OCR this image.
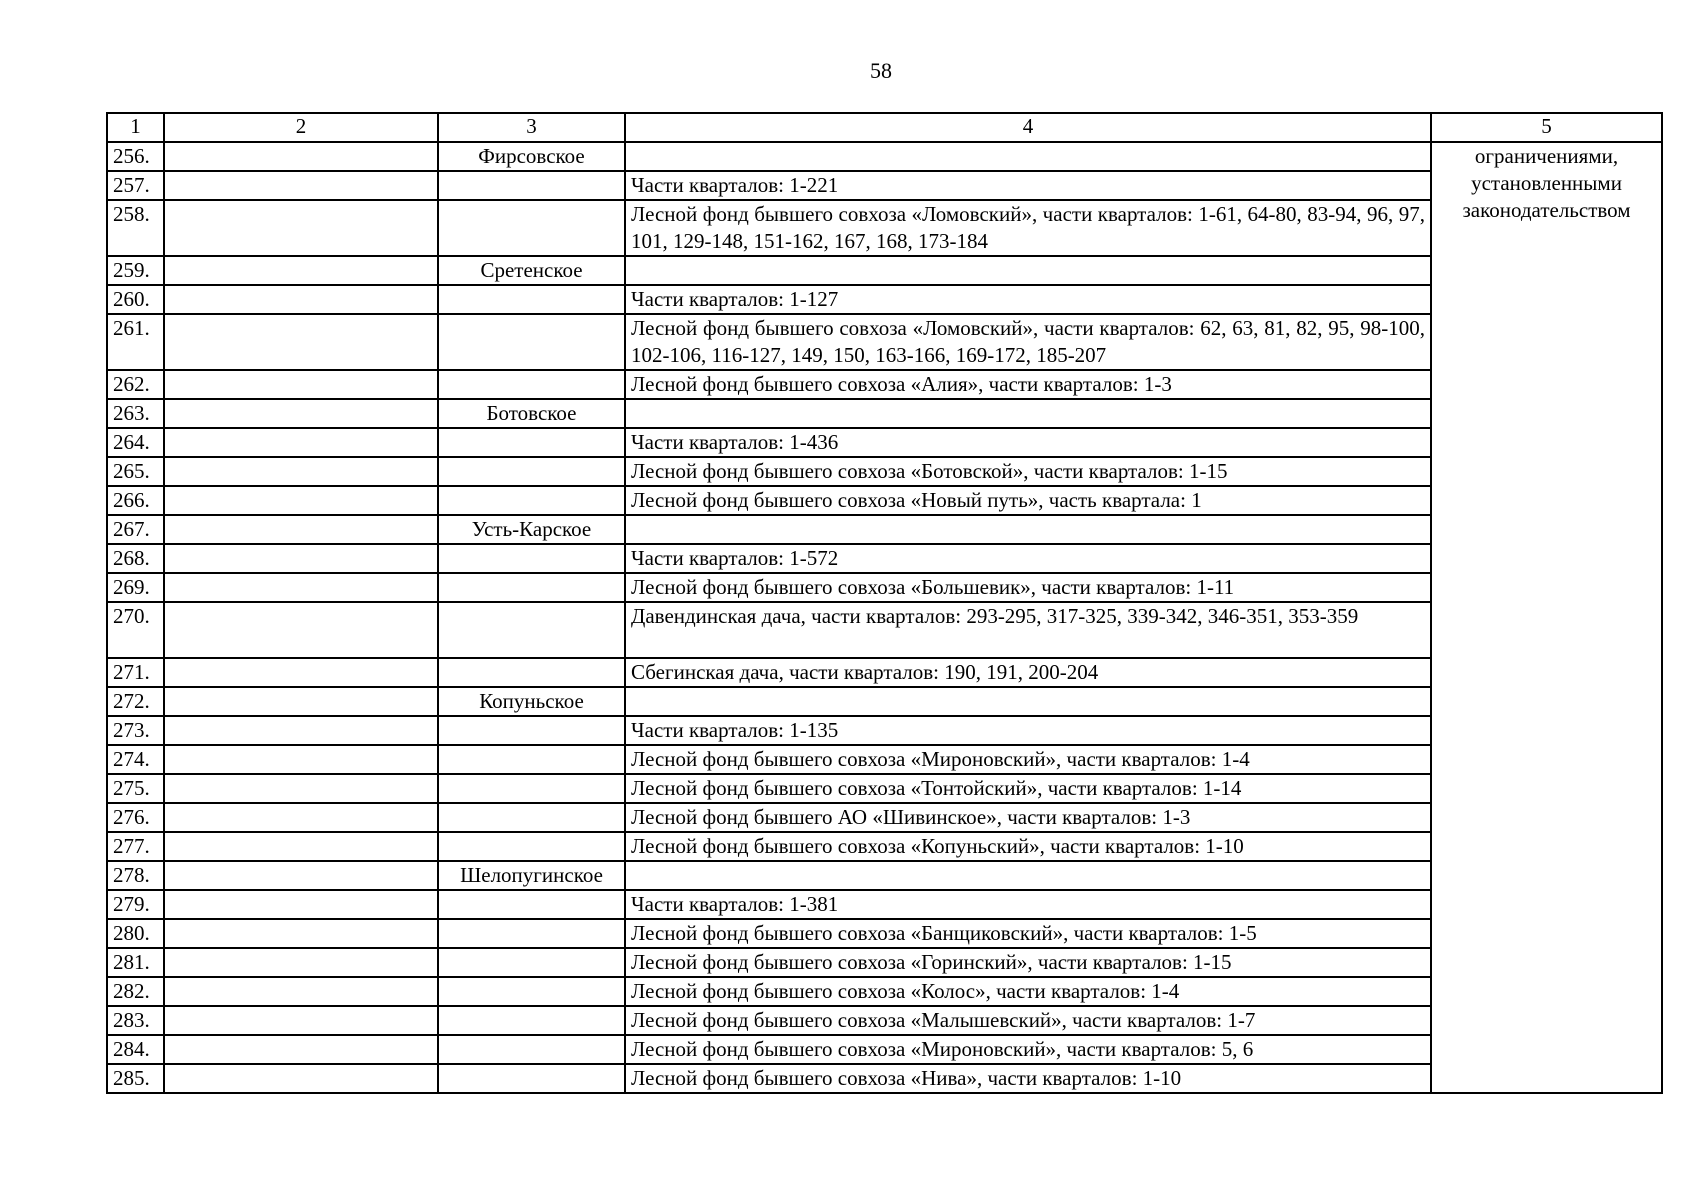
58
1	2	3	4	5
256.		Фирсовское		ограничениями, установленными законодательством
257.			Части кварталов: 1-221	
258.			Лесной фонд бывшего совхоза «Ломовский», части кварталов: 1-61, 64-80, 83-94, 96, 97, 101, 129-148, 151-162, 167, 168, 173-184	
259.		Сретенское		
260.			Части кварталов: 1-127	
261.			Лесной фонд бывшего совхоза «Ломовский», части кварталов: 62, 63, 81, 82, 95, 98-100, 102-106, 116-127, 149, 150, 163-166, 169-172, 185-207	
262.			Лесной фонд бывшего совхоза «Алия», части кварталов: 1-3	
263.		Ботовское		
264.			Части кварталов: 1-436	
265.			Лесной фонд бывшего совхоза «Ботовской», части кварталов: 1-15	
266.			Лесной фонд бывшего совхоза «Новый путь», часть квартала: 1	
267.		Усть-Карское		
268.			Части кварталов: 1-572	
269.			Лесной фонд бывшего совхоза «Большевик», части кварталов: 1-11	
270.			Давендинская дача, части кварталов: 293-295, 317-325, 339-342, 346-351, 353-359	
271.			Сбегинская дача, части кварталов: 190, 191, 200-204	
272.		Копуньское		
273.			Части кварталов: 1-135	
274.			Лесной фонд бывшего совхоза «Мироновский», части кварталов: 1-4	
275.			Лесной фонд бывшего совхоза «Тонтойский», части кварталов: 1-14	
276.			Лесной фонд бывшего АО «Шивинское», части кварталов: 1-3	
277.			Лесной фонд бывшего совхоза «Копуньский», части кварталов: 1-10	
278.		Шелопугинское		
279.			Части кварталов: 1-381	
280.			Лесной фонд бывшего совхоза «Банщиковский», части кварталов: 1-5	
281.			Лесной фонд бывшего совхоза «Горинский», части кварталов: 1-15	
282.			Лесной фонд бывшего совхоза «Колос», части кварталов: 1-4	
283.			Лесной фонд бывшего совхоза «Малышевский», части кварталов: 1-7	
284.			Лесной фонд бывшего совхоза «Мироновский», части кварталов: 5, 6	
285.			Лесной фонд бывшего совхоза «Нива», части кварталов: 1-10	
